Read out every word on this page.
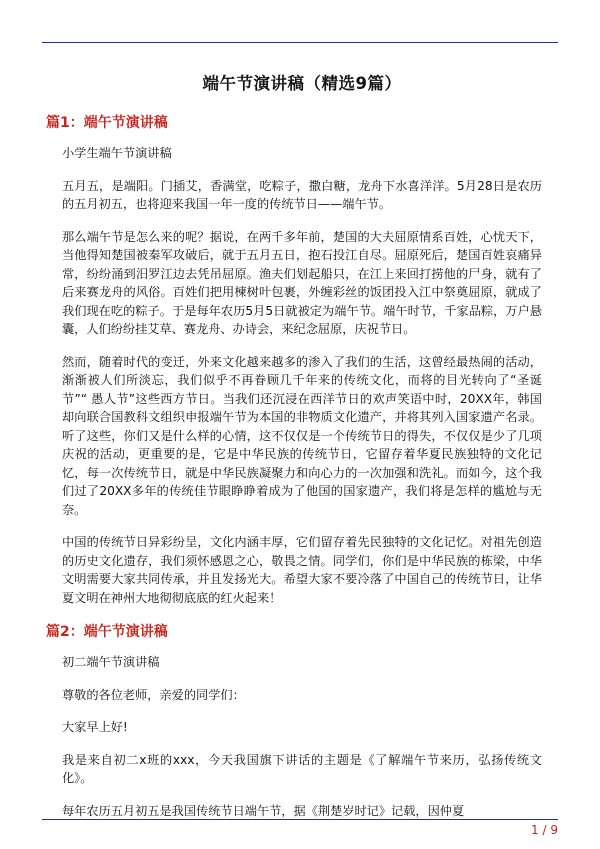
端午节演讲稿（精选9篇）
篇1：端午节演讲稿

小学生端午节演讲稿

五月五，是端阳。门插艾，香满堂，吃粽子，撒白糖，龙舟下水喜洋洋。5月28日是农历的五月初五，也将迎来我国一年一度的传统节日——端午节。

那么端午节是怎么来的呢？据说，在两千多年前，楚国的大夫屈原情系百姓，心忧天下，当他得知楚国被秦军攻破后，就于五月五日，抱石投江自尽。屈原死后，楚国百姓哀痛异常，纷纷涌到汨罗江边去凭吊屈原。渔夫们划起船只，在江上来回打捞他的尸身，就有了后来赛龙舟的风俗。百姓们把用楝树叶包裹，外缠彩丝的饭团投入江中祭奠屈原，就成了我们现在吃的粽子。于是每年农历5月5日就被定为端午节。端午时节，千家品粽，万户悬囊，人们纷纷挂艾草、赛龙舟、办诗会，来纪念屈原，庆祝节日。

然而，随着时代的变迁，外来文化越来越多的渗入了我们的生活，这曾经最热闹的活动，渐渐被人们所淡忘，我们似乎不再眷顾几千年来的传统文化，而将的目光转向了“圣诞节”“ 愚人节”这些西方节日。当我们还沉浸在西洋节日的欢声笑语中时，20XX年，韩国却向联合国教科文组织申报端午节为本国的非物质文化遗产，并将其列入国家遗产名录。听了这些，你们又是什么样的心情，这不仅仅是一个传统节日的得失，不仅仅是少了几项庆祝的活动，更重要的是，它是中华民族的传统节日，它留存着华夏民族独特的文化记忆，每一次传统节日，就是中华民族凝聚力和向心力的一次加强和洗礼。而如今，这个我们过了20XX多年的传统佳节眼睁睁着成为了他国的国家遗产，我们将是怎样的尴尬与无奈。

中国的传统节日异彩纷呈，文化内涵丰厚，它们留存着先民独特的文化记忆。对祖先创造的历史文化遗存，我们须怀感恩之心，敬畏之情。同学们，你们是中华民族的栋梁，中华文明需要大家共同传承，并且发扬光大。希望大家不要冷落了中国自己的传统节日，让华夏文明在神州大地彻彻底底的红火起来！

篇2：端午节演讲稿

初二端午节演讲稿

尊敬的各位老师，亲爱的同学们：

大家早上好!

我是来自初二x班的xxx，今天我国旗下讲话的主题是《了解端午节来历，弘扬传统文化》。

每年农历五月初五是我国传统节日端午节，据《荆楚岁时记》记载，因仲夏

1 / 9
